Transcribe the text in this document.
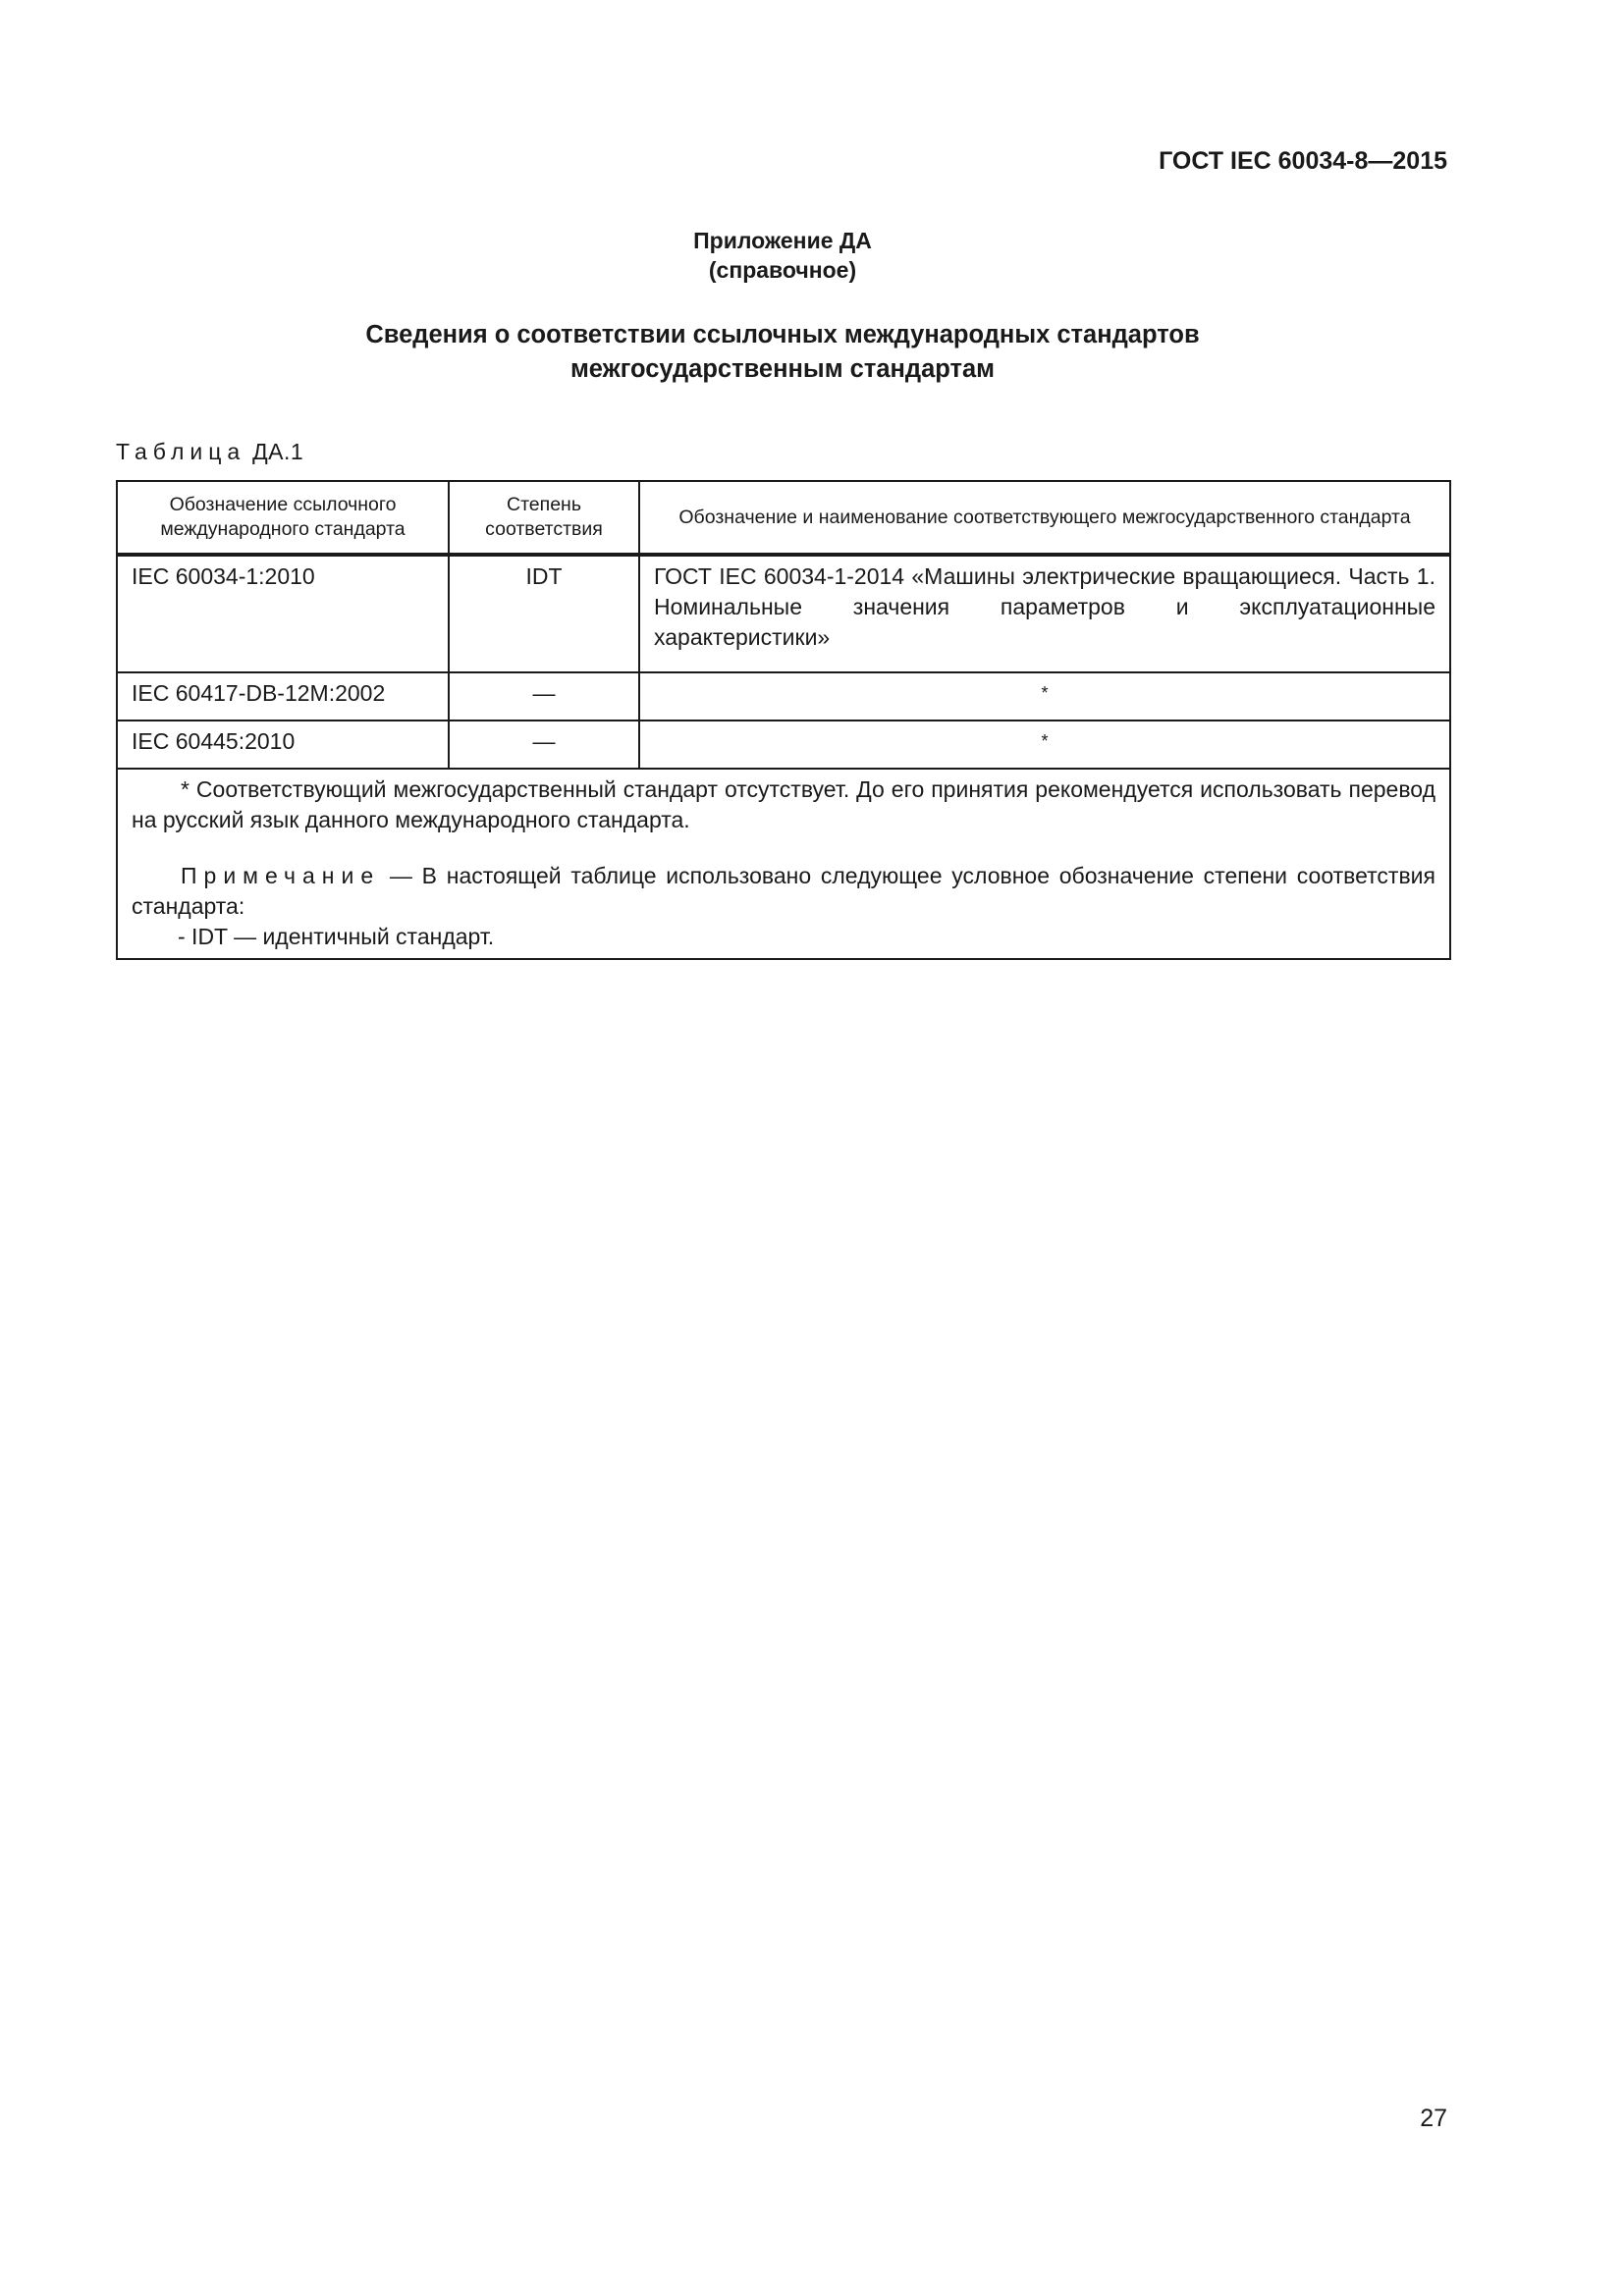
ГОСТ IEC 60034-8—2015
Приложение ДА
(справочное)
Сведения о соответствии ссылочных международных стандартов
межгосударственным стандартам
Таблица ДА.1
Обозначение ссылочного международного стандарта	Степень соответствия	Обозначение и наименование соответствующего межгосударственного стандарта
IEC 60034-1:2010	IDT	ГОСТ IEC 60034-1-2014 «Машины электрические вращающиеся. Часть 1. Номинальные значения параметров и эксплуатационные характеристики»
IEC 60417-DB-12M:2002	—	*
IEC 60445:2010	—	*

* Соответствующий межгосударственный стандарт отсутствует. До его принятия рекомендуется использовать перевод на русский язык данного международного стандарта.

Примечание — В настоящей таблице использовано следующее условное обозначение степени соответствия стандарта:

- IDT — идентичный стандарт.		

27
